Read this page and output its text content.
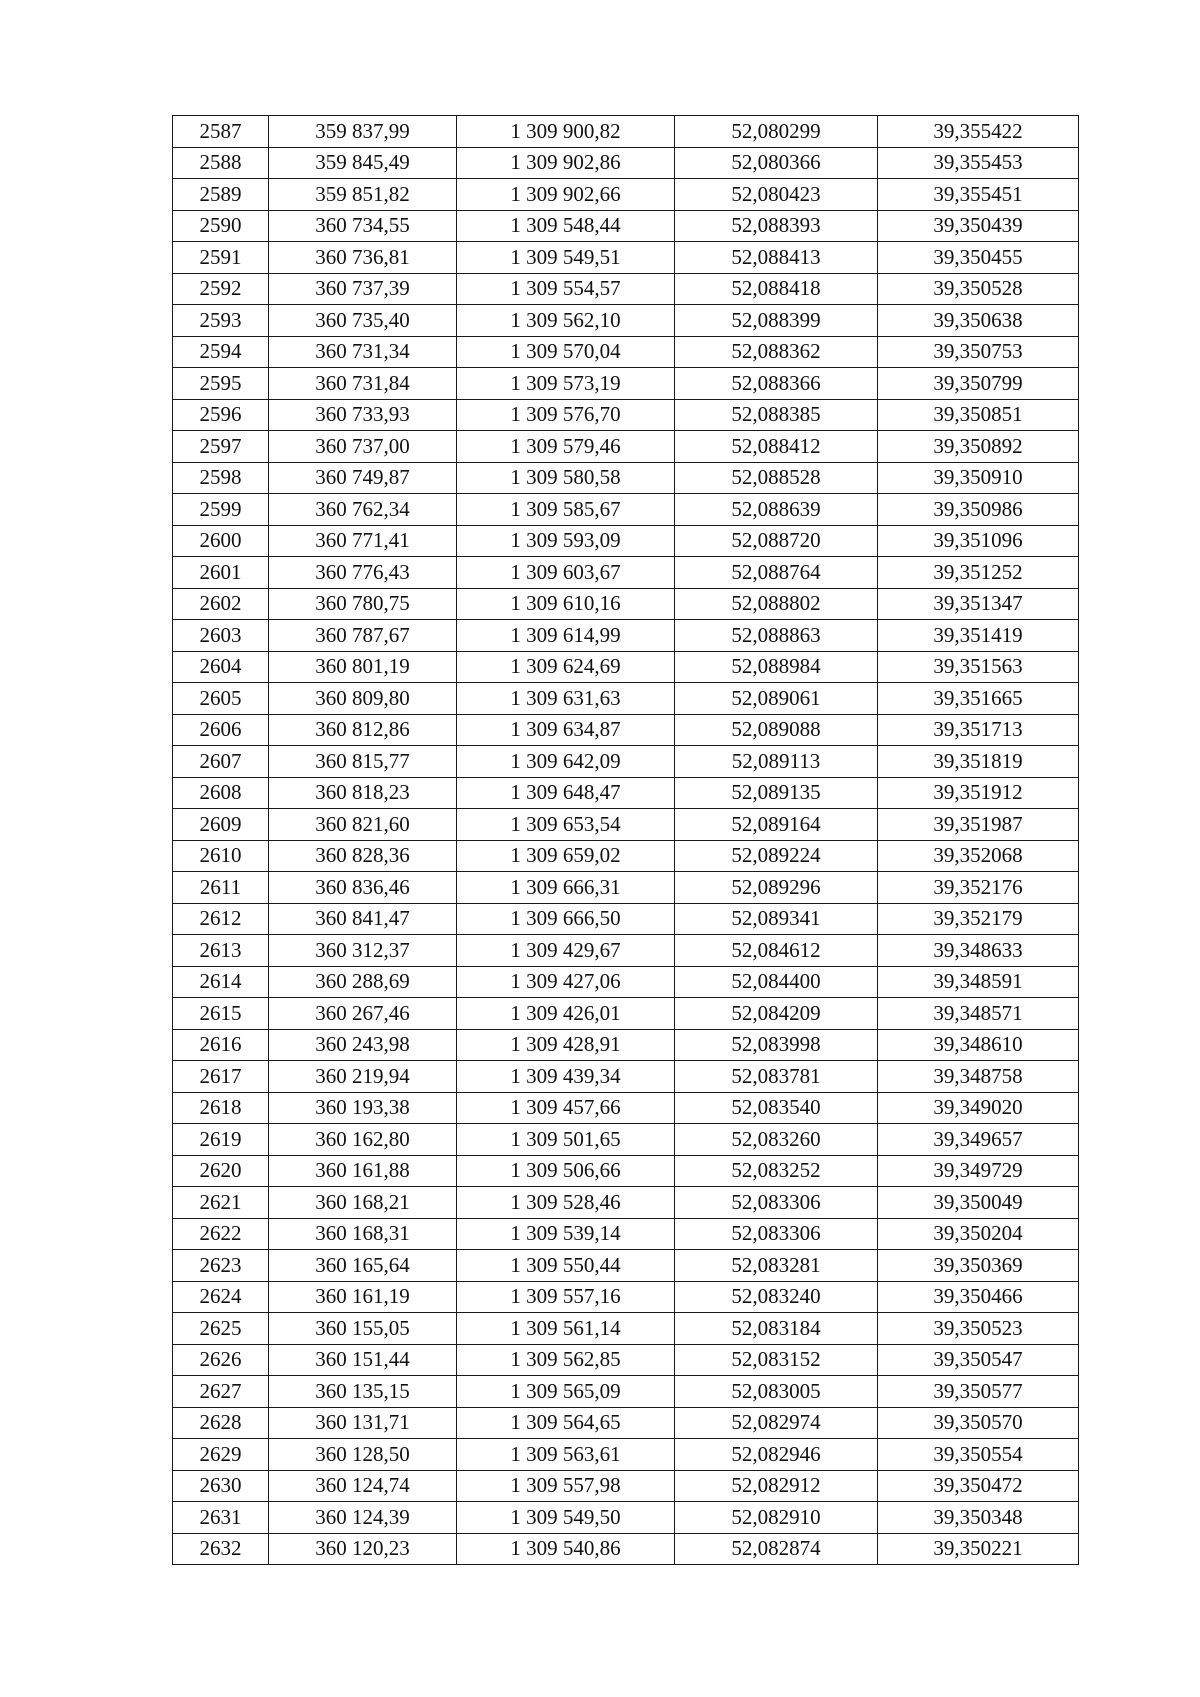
2587	359 837,99	1 309 900,82	52,080299	39,355422
2588	359 845,49	1 309 902,86	52,080366	39,355453
2589	359 851,82	1 309 902,66	52,080423	39,355451
2590	360 734,55	1 309 548,44	52,088393	39,350439
2591	360 736,81	1 309 549,51	52,088413	39,350455
2592	360 737,39	1 309 554,57	52,088418	39,350528
2593	360 735,40	1 309 562,10	52,088399	39,350638
2594	360 731,34	1 309 570,04	52,088362	39,350753
2595	360 731,84	1 309 573,19	52,088366	39,350799
2596	360 733,93	1 309 576,70	52,088385	39,350851
2597	360 737,00	1 309 579,46	52,088412	39,350892
2598	360 749,87	1 309 580,58	52,088528	39,350910
2599	360 762,34	1 309 585,67	52,088639	39,350986
2600	360 771,41	1 309 593,09	52,088720	39,351096
2601	360 776,43	1 309 603,67	52,088764	39,351252
2602	360 780,75	1 309 610,16	52,088802	39,351347
2603	360 787,67	1 309 614,99	52,088863	39,351419
2604	360 801,19	1 309 624,69	52,088984	39,351563
2605	360 809,80	1 309 631,63	52,089061	39,351665
2606	360 812,86	1 309 634,87	52,089088	39,351713
2607	360 815,77	1 309 642,09	52,089113	39,351819
2608	360 818,23	1 309 648,47	52,089135	39,351912
2609	360 821,60	1 309 653,54	52,089164	39,351987
2610	360 828,36	1 309 659,02	52,089224	39,352068
2611	360 836,46	1 309 666,31	52,089296	39,352176
2612	360 841,47	1 309 666,50	52,089341	39,352179
2613	360 312,37	1 309 429,67	52,084612	39,348633
2614	360 288,69	1 309 427,06	52,084400	39,348591
2615	360 267,46	1 309 426,01	52,084209	39,348571
2616	360 243,98	1 309 428,91	52,083998	39,348610
2617	360 219,94	1 309 439,34	52,083781	39,348758
2618	360 193,38	1 309 457,66	52,083540	39,349020
2619	360 162,80	1 309 501,65	52,083260	39,349657
2620	360 161,88	1 309 506,66	52,083252	39,349729
2621	360 168,21	1 309 528,46	52,083306	39,350049
2622	360 168,31	1 309 539,14	52,083306	39,350204
2623	360 165,64	1 309 550,44	52,083281	39,350369
2624	360 161,19	1 309 557,16	52,083240	39,350466
2625	360 155,05	1 309 561,14	52,083184	39,350523
2626	360 151,44	1 309 562,85	52,083152	39,350547
2627	360 135,15	1 309 565,09	52,083005	39,350577
2628	360 131,71	1 309 564,65	52,082974	39,350570
2629	360 128,50	1 309 563,61	52,082946	39,350554
2630	360 124,74	1 309 557,98	52,082912	39,350472
2631	360 124,39	1 309 549,50	52,082910	39,350348
2632	360 120,23	1 309 540,86	52,082874	39,350221
